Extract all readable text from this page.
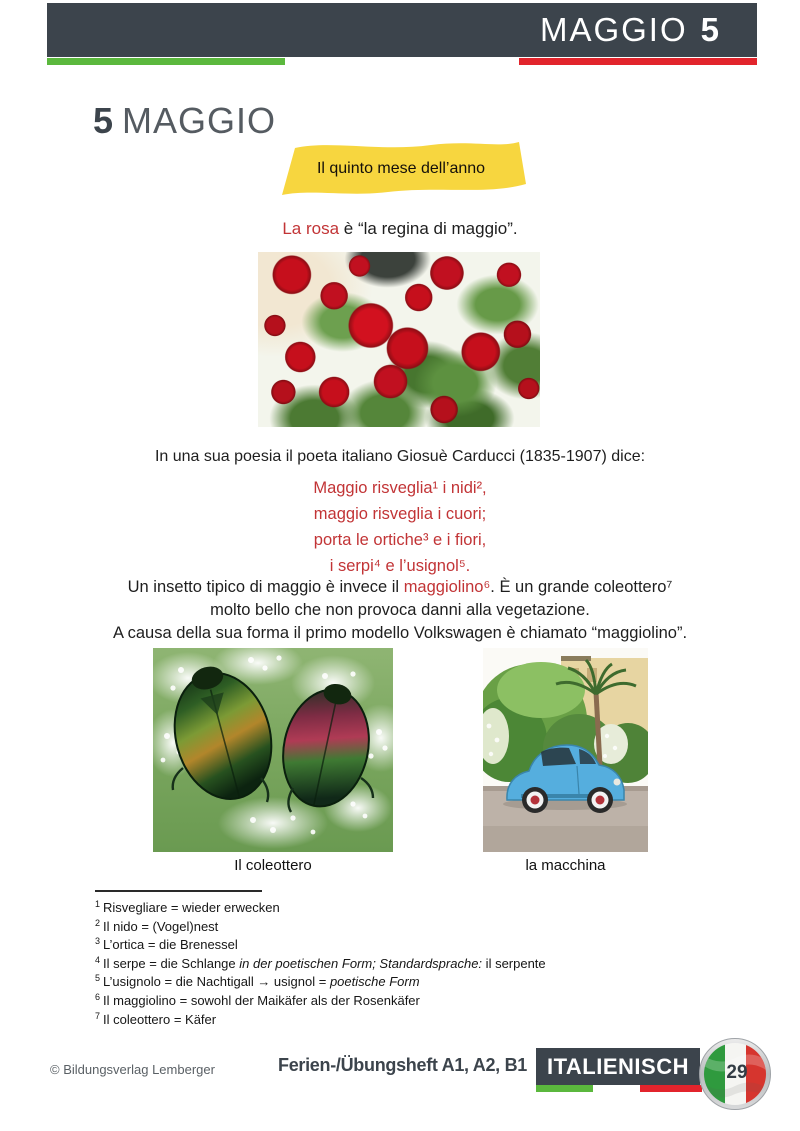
MAGGIO 5
5 MAGGIO
Il quinto mese dell’anno
La rosa è “la regina di maggio”.
In una sua poesia il poeta italiano Giosuè Carducci (1835-1907) dice:
Maggio risveglia¹ i nidi²,
maggio risveglia i cuori;
porta le ortiche³ e i fiori,
i serpi⁴ e l’usignol⁵.
Un insetto tipico di maggio è invece il maggiolino⁶. È un grande coleottero⁷
molto bello che non provoca danni alla vegetazione.
A causa della sua forma il primo modello Volkswagen è chiamato “maggiolino”.
Il coleottero	la macchina
$^1$ Risvegliare = wieder erwecken
$^2$ Il nido = (Vogel)nest
$^3$ L’ortica = die Brenessel
$^4$ Il serpe = die Schlange in der poetischen Form; Standardsprache: il serpente
$^5$ L’usignolo = die Nachtigall → usignol = poetische Form
$^6$ Il maggiolino = sowohl der Maikäfer als der Rosenkäfer
$^7$ Il coleottero = Käfer
© Bildungsverlag Lemberger	Ferien-/Übungsheft A1, A2, B1 ITALIENISCH	29
